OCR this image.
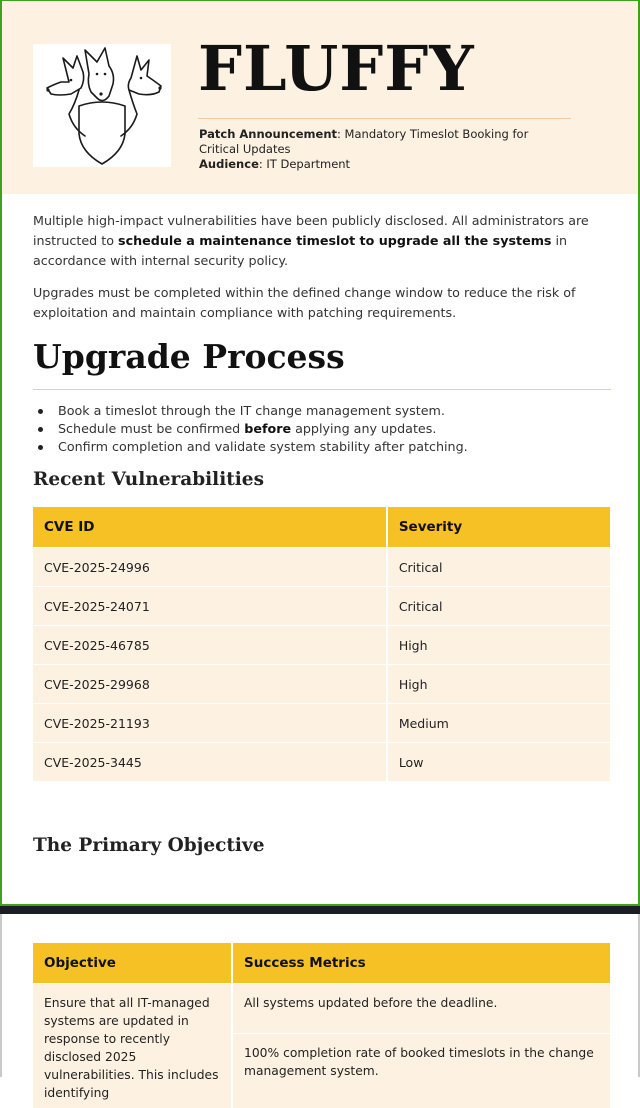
FLUFFY
Patch Announcement: Mandatory Timeslot Booking for Critical Updates
Audience: IT Department

Multiple high-impact vulnerabilities have been publicly disclosed. All administrators are instructed to schedule a maintenance timeslot to upgrade all the systems in accordance with internal security policy.

Upgrades must be completed within the defined change window to reduce the risk of exploitation and maintain compliance with patching requirements.

Upgrade Process
Book a timeslot through the IT change management system.
Schedule must be confirmed before applying any updates.
Confirm completion and validate system stability after patching.
Recent Vulnerabilities
CVE ID	Severity
CVE-2025-24996	Critical
CVE-2025-24071	Critical
CVE-2025-46785	High
CVE-2025-29968	High
CVE-2025-21193	Medium
CVE-2025-3445	Low
The Primary Objective
Objective	Success Metrics
Ensure that all IT-managed systems are updated in response to recently disclosed 2025 vulnerabilities. This includes identifying	All systems updated before the deadline.
	100% completion rate of booked timeslots in the change management system.
